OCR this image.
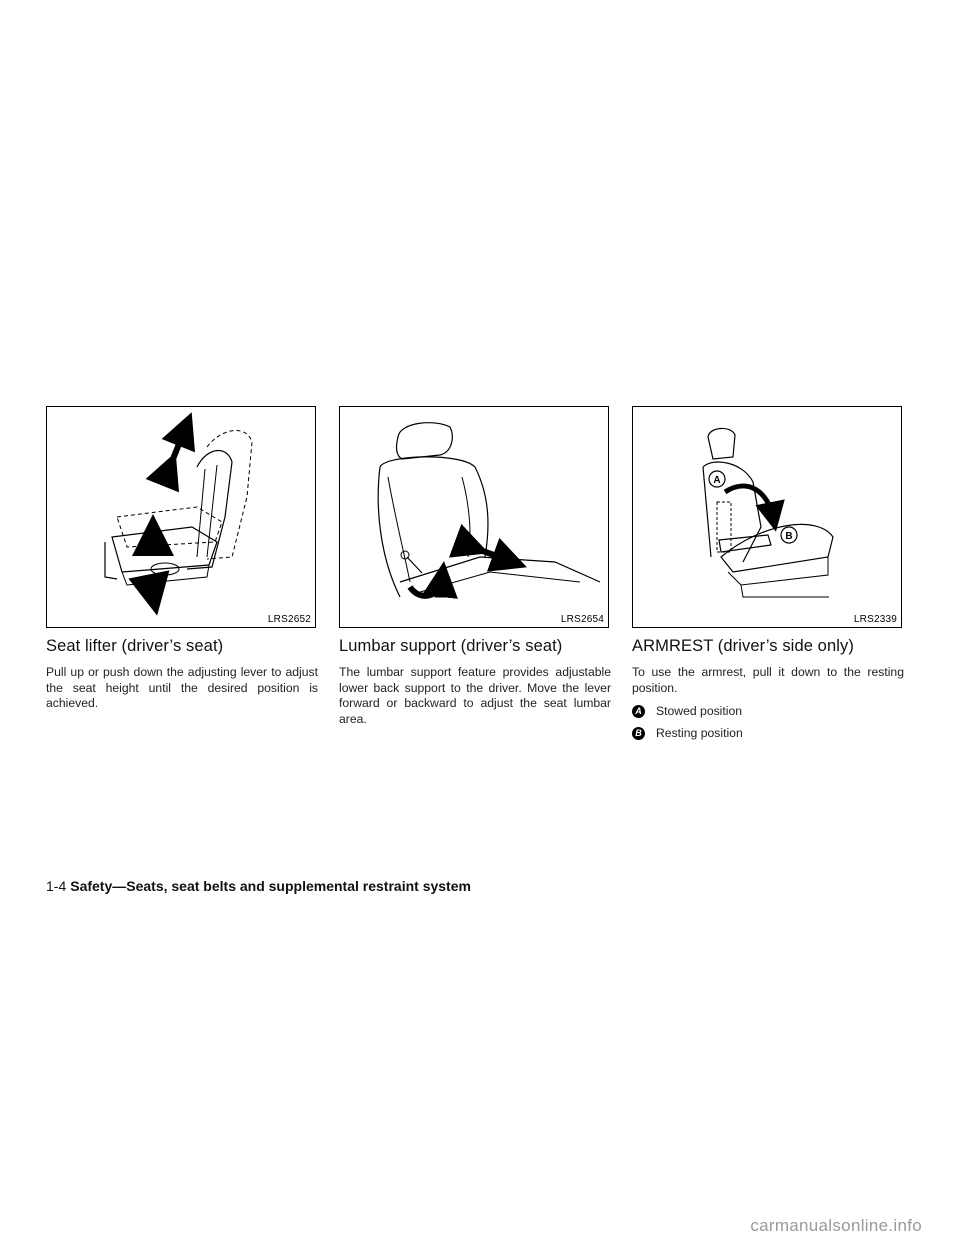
LRS2652
Seat lifter (driver’s seat)

Pull up or push down the adjusting lever to adjust the seat height until the desired position is achieved.

LRS2654
Lumbar support (driver’s seat)

The lumbar support feature provides adjustable lower back support to the driver. Move the lever forward or backward to adjust the seat lumbar area.

A
B
LRS2339
ARMREST (driver’s side only)

To use the armrest, pull it down to the resting position.

A Stowed position
B Resting position
1-4 Safety—Seats, seat belts and supplemental restraint system
carmanualsonline.info
